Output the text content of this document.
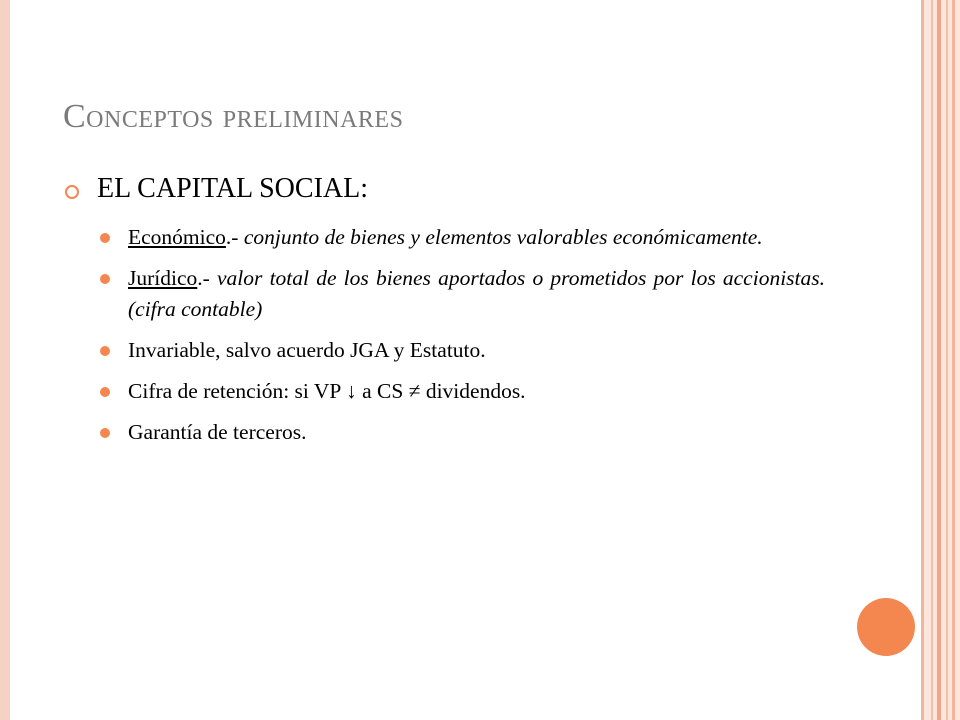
Conceptos preliminares
EL CAPITAL SOCIAL:
Económico.- conjunto de bienes y elementos valorables económicamente.
Jurídico.- valor total de los bienes aportados o prometidos por los accionistas.(cifra contable)
Invariable, salvo acuerdo JGA y Estatuto.
Cifra de retención: si VP ↓ a CS ≠ dividendos.
Garantía de terceros.
